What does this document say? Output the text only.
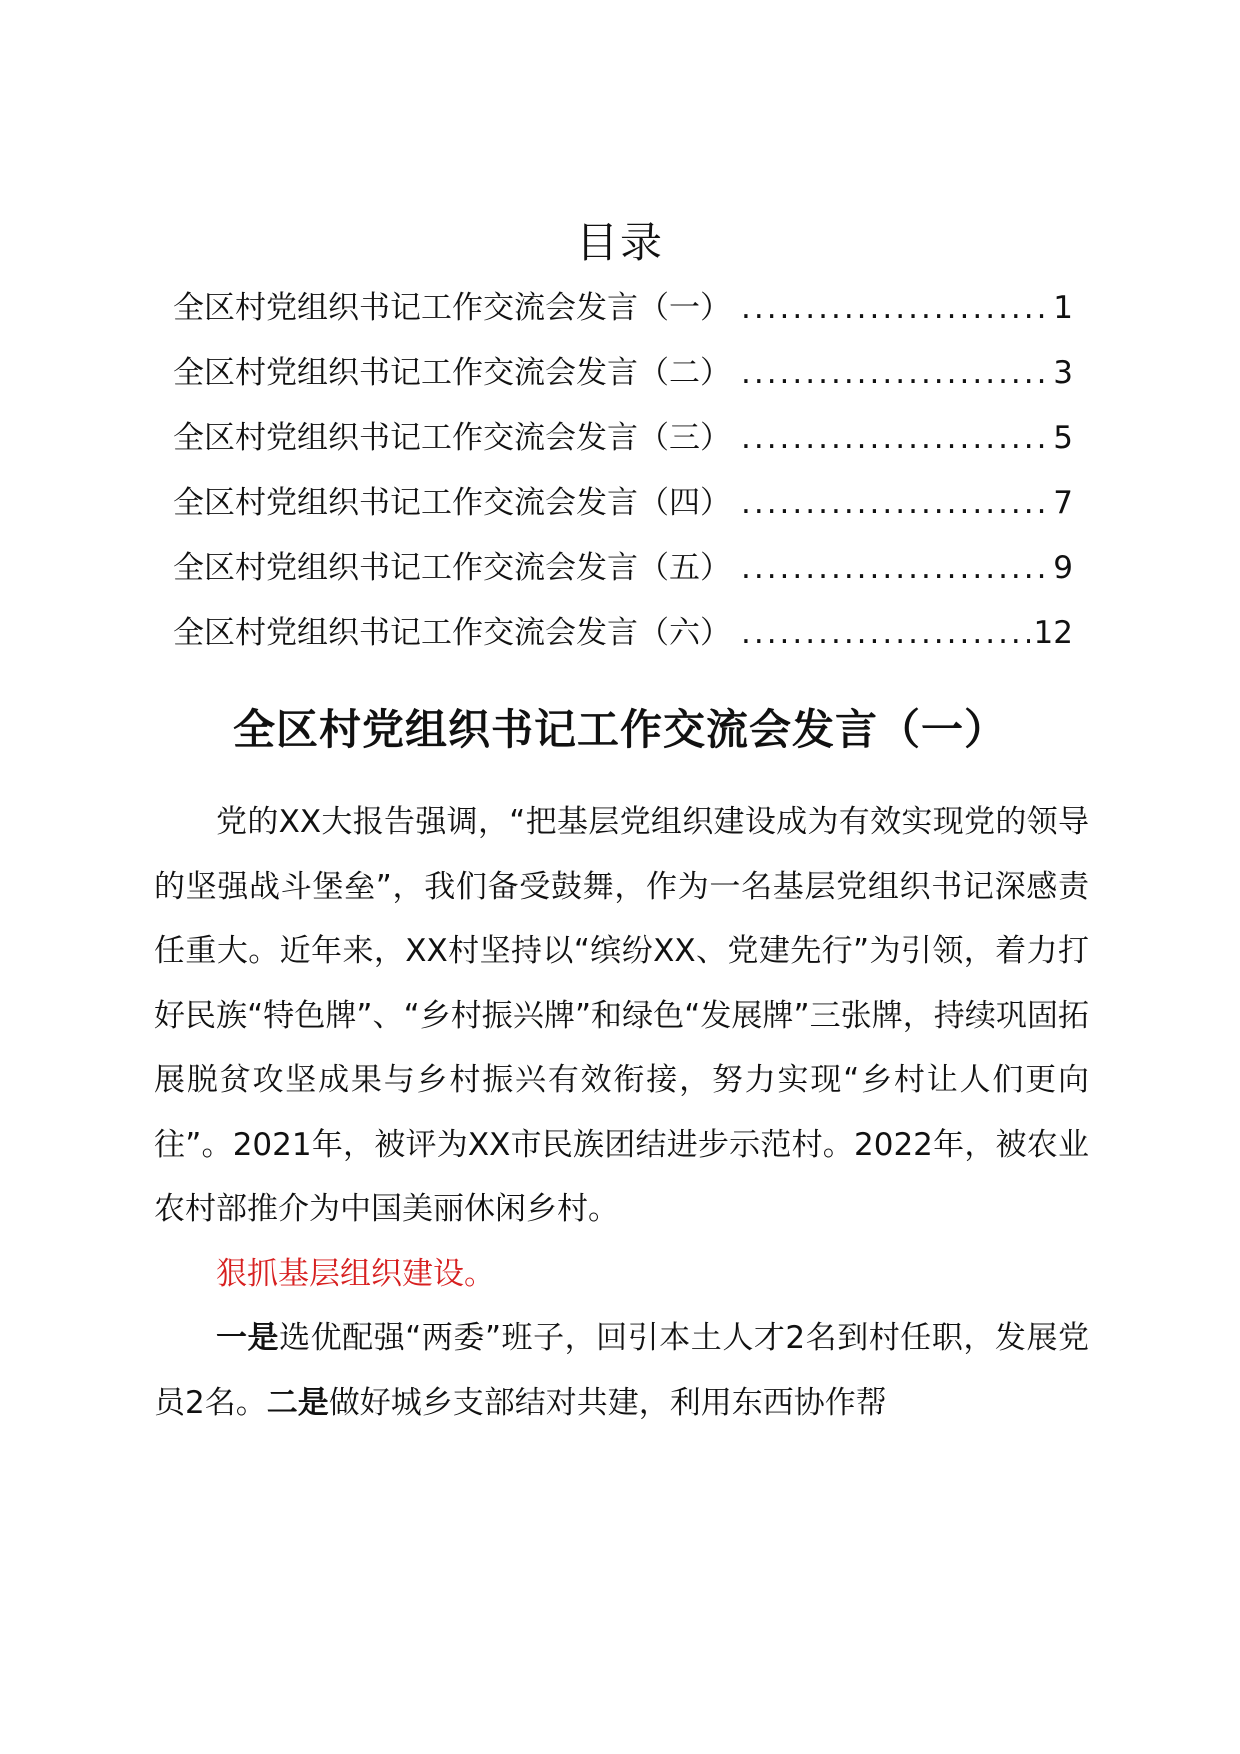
目录
全区村党组织书记工作交流会发言（一） .....	1
全区村党组织书记工作交流会发言（二） .....	3
全区村党组织书记工作交流会发言（三） .....	5
全区村党组织书记工作交流会发言（四） .....	7
全区村党组织书记工作交流会发言（五） .....	9
全区村党组织书记工作交流会发言（六） .....	12
全区村党组织书记工作交流会发言（一）

党的XX大报告强调，“把基层党组织建设成为有效实现党的领导的坚强战斗堡垒”，我们备受鼓舞，作为一名基层党组织书记深感责任重大。近年来，XX村坚持以“缤纷XX、党建先行”为引领，着力打好民族“特色牌”、“乡村振兴牌”和绿色“发展牌”三张牌，持续巩固拓展脱贫攻坚成果与乡村振兴有效衔接，努力实现“乡村让人们更向往”。2021年，被评为XX市民族团结进步示范村。2022年，被农业农村部推介为中国美丽休闲乡村。

狠抓基层组织建设。

一是选优配强“两委”班子，回引本土人才2名到村任职，发展党员2名。二是做好城乡支部结对共建，利用东西协作帮
